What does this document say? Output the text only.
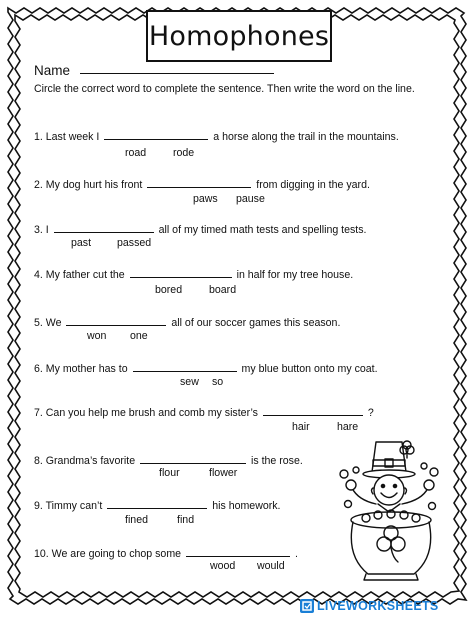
Homophones
Name
Circle the correct word to complete the sentence. Then write the word on the line.
1. Last week I	a horse along the trail in the mountains.
road	rode
2. My dog hurt his front	from digging in the yard.
paws pause
3. I	all of my timed math tests and spelling tests.
past passed
4. My father cut the	in half for my tree house.
bored	board
5. We	all of our soccer games this season.
won one
6. My mother has to	my blue button onto my coat.
sew so
7. Can you help me brush and comb my sister’s	?
hair	hare
8. Grandma’s favorite	is the rose.
flour	flower
9. Timmy can’t	his homework.
fined	find
10. We are going to chop some	.
wood would
LIVEWORKSHEETS
